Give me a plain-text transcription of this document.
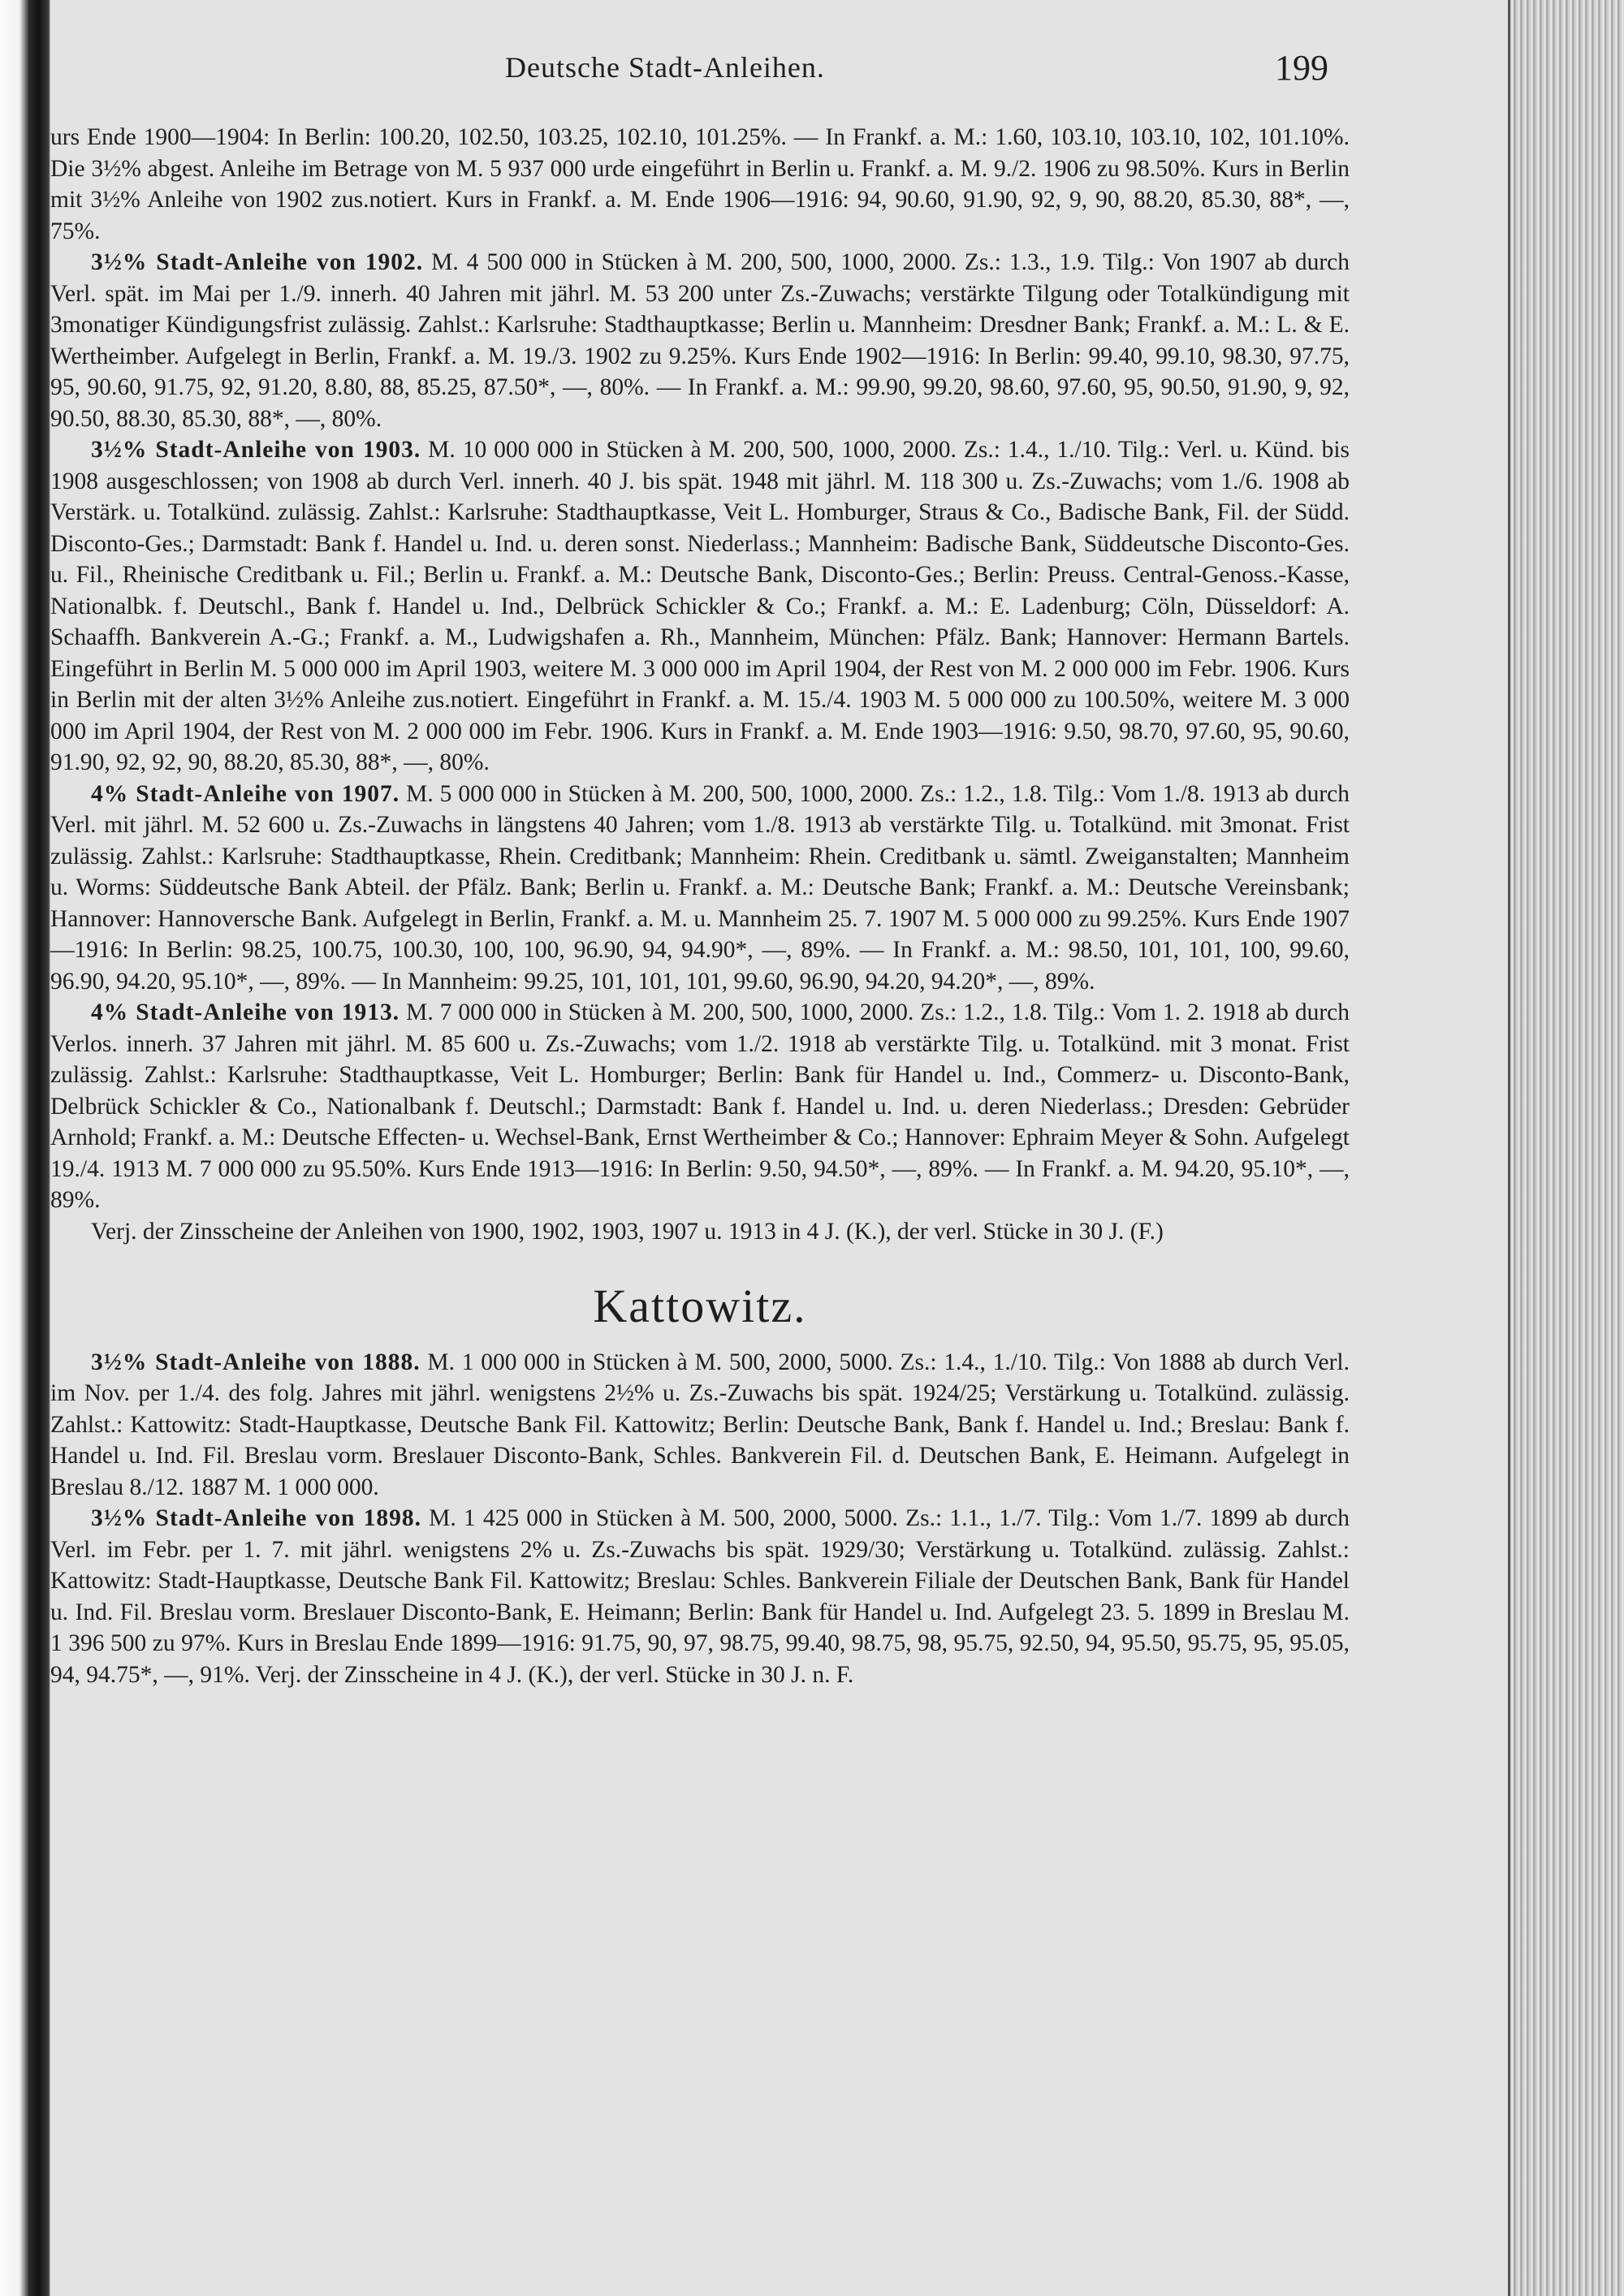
Deutsche Stadt-Anleihen.	199

urs Ende 1900—1904: In Berlin: 100.20, 102.50, 103.25, 102.10, 101.25%. — In Frankf. a. M.: 1.60, 103.10, 103.10, 102, 101.10%. Die 3½% abgest. Anleihe im Betrage von M. 5 937 000 urde eingeführt in Berlin u. Frankf. a. M. 9./2. 1906 zu 98.50%. Kurs in Berlin mit 3½% Anleihe von 1902 zus.notiert. Kurs in Frankf. a. M. Ende 1906—1916: 94, 90.60, 91.90, 92, 9, 90, 88.20, 85.30, 88*, —, 75%.

3½% Stadt-Anleihe von 1902. M. 4 500 000 in Stücken à M. 200, 500, 1000, 2000. Zs.: 1.3., 1.9. Tilg.: Von 1907 ab durch Verl. spät. im Mai per 1./9. innerh. 40 Jahren mit jährl. M. 53 200 unter Zs.-Zuwachs; verstärkte Tilgung oder Totalkündigung mit 3monatiger Kündigungsfrist zulässig. Zahlst.: Karlsruhe: Stadthauptkasse; Berlin u. Mannheim: Dresdner Bank; Frankf. a. M.: L. & E. Wertheimber. Aufgelegt in Berlin, Frankf. a. M. 19./3. 1902 zu 9.25%. Kurs Ende 1902—1916: In Berlin: 99.40, 99.10, 98.30, 97.75, 95, 90.60, 91.75, 92, 91.20, 8.80, 88, 85.25, 87.50*, —, 80%. — In Frankf. a. M.: 99.90, 99.20, 98.60, 97.60, 95, 90.50, 91.90, 9, 92, 90.50, 88.30, 85.30, 88*, —, 80%.

3½% Stadt-Anleihe von 1903. M. 10 000 000 in Stücken à M. 200, 500, 1000, 2000. Zs.: 1.4., 1./10. Tilg.: Verl. u. Künd. bis 1908 ausgeschlossen; von 1908 ab durch Verl. innerh. 40 J. bis spät. 1948 mit jährl. M. 118 300 u. Zs.-Zuwachs; vom 1./6. 1908 ab Verstärk. u. Totalkünd. zulässig. Zahlst.: Karlsruhe: Stadthauptkasse, Veit L. Homburger, Straus & Co., Badische Bank, Fil. der Südd. Disconto-Ges.; Darmstadt: Bank f. Handel u. Ind. u. deren sonst. Niederlass.; Mannheim: Badische Bank, Süddeutsche Disconto-Ges. u. Fil., Rheinische Creditbank u. Fil.; Berlin u. Frankf. a. M.: Deutsche Bank, Disconto-Ges.; Berlin: Preuss. Central-Genoss.-Kasse, Nationalbk. f. Deutschl., Bank f. Handel u. Ind., Delbrück Schickler & Co.; Frankf. a. M.: E. Ladenburg; Cöln, Düsseldorf: A. Schaaffh. Bankverein A.-G.; Frankf. a. M., Ludwigshafen a. Rh., Mannheim, München: Pfälz. Bank; Hannover: Hermann Bartels. Eingeführt in Berlin M. 5 000 000 im April 1903, weitere M. 3 000 000 im April 1904, der Rest von M. 2 000 000 im Febr. 1906. Kurs in Berlin mit der alten 3½% Anleihe zus.notiert. Eingeführt in Frankf. a. M. 15./4. 1903 M. 5 000 000 zu 100.50%, weitere M. 3 000 000 im April 1904, der Rest von M. 2 000 000 im Febr. 1906. Kurs in Frankf. a. M. Ende 1903—1916: 9.50, 98.70, 97.60, 95, 90.60, 91.90, 92, 92, 90, 88.20, 85.30, 88*, —, 80%.

4% Stadt-Anleihe von 1907. M. 5 000 000 in Stücken à M. 200, 500, 1000, 2000. Zs.: 1.2., 1.8. Tilg.: Vom 1./8. 1913 ab durch Verl. mit jährl. M. 52 600 u. Zs.-Zuwachs in längstens 40 Jahren; vom 1./8. 1913 ab verstärkte Tilg. u. Totalkünd. mit 3monat. Frist zulässig. Zahlst.: Karlsruhe: Stadthauptkasse, Rhein. Creditbank; Mannheim: Rhein. Creditbank u. sämtl. Zweiganstalten; Mannheim u. Worms: Süddeutsche Bank Abteil. der Pfälz. Bank; Berlin u. Frankf. a. M.: Deutsche Bank; Frankf. a. M.: Deutsche Vereinsbank; Hannover: Hannoversche Bank. Aufgelegt in Berlin, Frankf. a. M. u. Mannheim 25. 7. 1907 M. 5 000 000 zu 99.25%. Kurs Ende 1907—1916: In Berlin: 98.25, 100.75, 100.30, 100, 100, 96.90, 94, 94.90*, —, 89%. — In Frankf. a. M.: 98.50, 101, 101, 100, 99.60, 96.90, 94.20, 95.10*, —, 89%. — In Mannheim: 99.25, 101, 101, 101, 99.60, 96.90, 94.20, 94.20*, —, 89%.

4% Stadt-Anleihe von 1913. M. 7 000 000 in Stücken à M. 200, 500, 1000, 2000. Zs.: 1.2., 1.8. Tilg.: Vom 1. 2. 1918 ab durch Verlos. innerh. 37 Jahren mit jährl. M. 85 600 u. Zs.-Zuwachs; vom 1./2. 1918 ab verstärkte Tilg. u. Totalkünd. mit 3 monat. Frist zulässig. Zahlst.: Karlsruhe: Stadthauptkasse, Veit L. Homburger; Berlin: Bank für Handel u. Ind., Commerz- u. Disconto-Bank, Delbrück Schickler & Co., Nationalbank f. Deutschl.; Darmstadt: Bank f. Handel u. Ind. u. deren Niederlass.; Dresden: Gebrüder Arnhold; Frankf. a. M.: Deutsche Effecten- u. Wechsel-Bank, Ernst Wertheimber & Co.; Hannover: Ephraim Meyer & Sohn. Aufgelegt 19./4. 1913 M. 7 000 000 zu 95.50%. Kurs Ende 1913—1916: In Berlin: 9.50, 94.50*, —, 89%. — In Frankf. a. M. 94.20, 95.10*, —, 89%.

Verj. der Zinsscheine der Anleihen von 1900, 1902, 1903, 1907 u. 1913 in 4 J. (K.), der verl. Stücke in 30 J. (F.)

Kattowitz.

3½% Stadt-Anleihe von 1888. M. 1 000 000 in Stücken à M. 500, 2000, 5000. Zs.: 1.4., 1./10. Tilg.: Von 1888 ab durch Verl. im Nov. per 1./4. des folg. Jahres mit jährl. wenigstens 2½% u. Zs.-Zuwachs bis spät. 1924/25; Verstärkung u. Totalkünd. zulässig. Zahlst.: Kattowitz: Stadt-Hauptkasse, Deutsche Bank Fil. Kattowitz; Berlin: Deutsche Bank, Bank f. Handel u. Ind.; Breslau: Bank f. Handel u. Ind. Fil. Breslau vorm. Breslauer Disconto-Bank, Schles. Bankverein Fil. d. Deutschen Bank, E. Heimann. Aufgelegt in Breslau 8./12. 1887 M. 1 000 000.

3½% Stadt-Anleihe von 1898. M. 1 425 000 in Stücken à M. 500, 2000, 5000. Zs.: 1.1., 1./7. Tilg.: Vom 1./7. 1899 ab durch Verl. im Febr. per 1. 7. mit jährl. wenigstens 2% u. Zs.-Zuwachs bis spät. 1929/30; Verstärkung u. Totalkünd. zulässig. Zahlst.: Kattowitz: Stadt-Hauptkasse, Deutsche Bank Fil. Kattowitz; Breslau: Schles. Bankverein Filiale der Deutschen Bank, Bank für Handel u. Ind. Fil. Breslau vorm. Breslauer Disconto-Bank, E. Heimann; Berlin: Bank für Handel u. Ind. Aufgelegt 23. 5. 1899 in Breslau M. 1 396 500 zu 97%. Kurs in Breslau Ende 1899—1916: 91.75, 90, 97, 98.75, 99.40, 98.75, 98, 95.75, 92.50, 94, 95.50, 95.75, 95, 95.05, 94, 94.75*, —, 91%. Verj. der Zinsscheine in 4 J. (K.), der verl. Stücke in 30 J. n. F.
